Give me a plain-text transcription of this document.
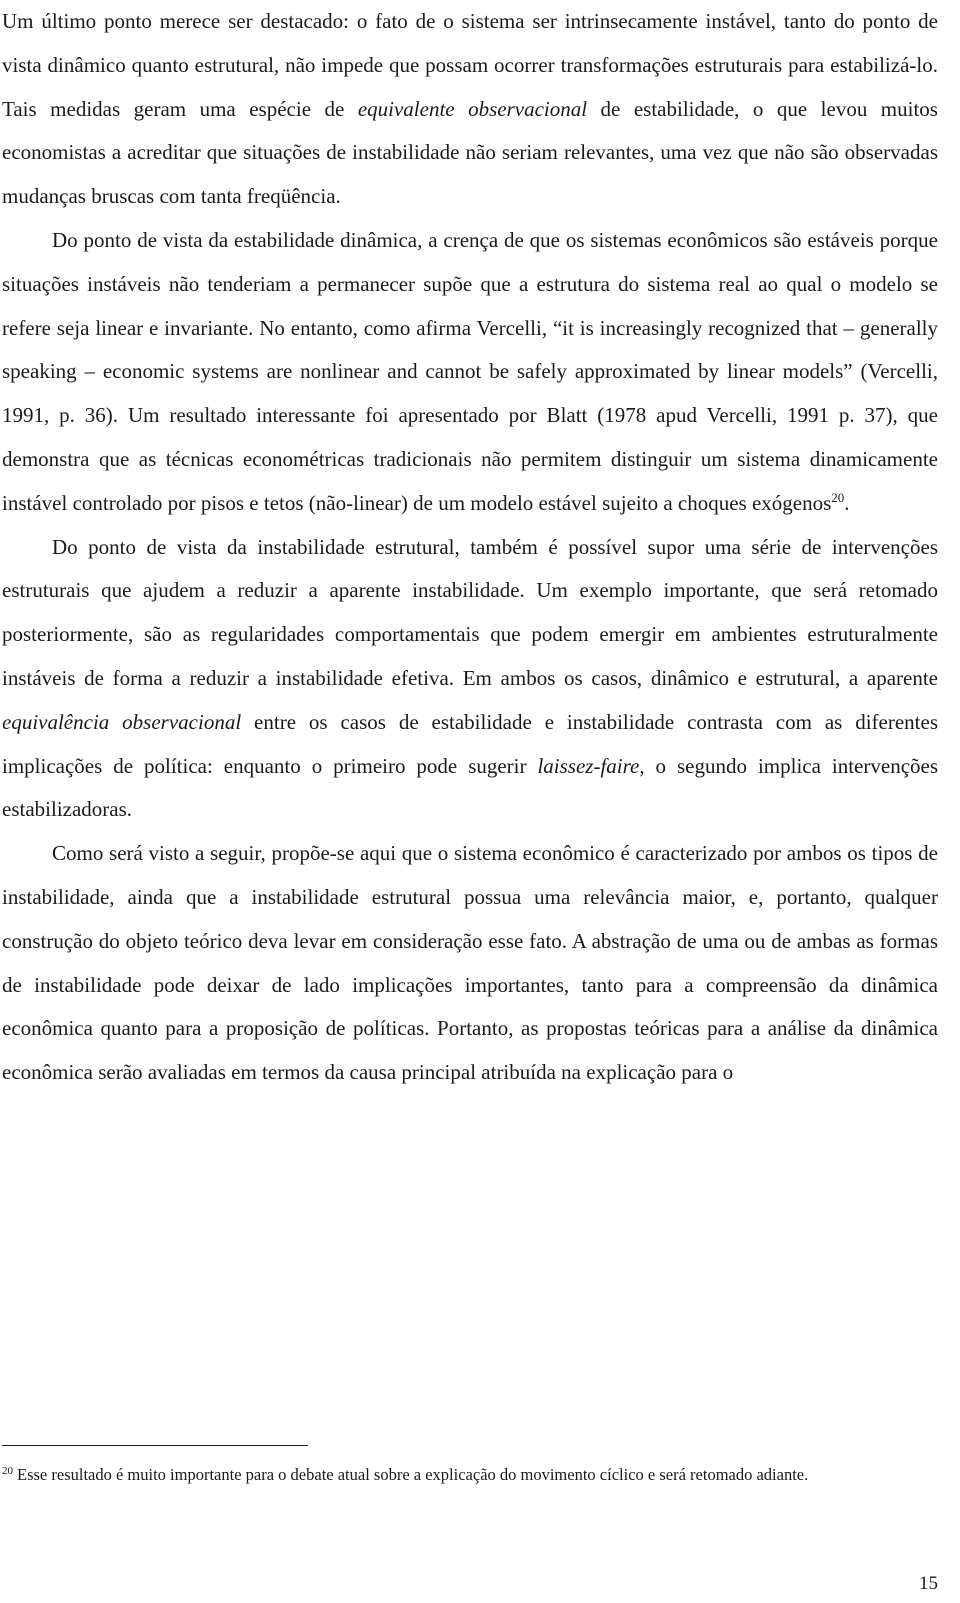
Um último ponto merece ser destacado: o fato de o sistema ser intrinsecamente instável, tanto do ponto de vista dinâmico quanto estrutural, não impede que possam ocorrer transformações estruturais para estabilizá-lo. Tais medidas geram uma espécie de equivalente observacional de estabilidade, o que levou muitos economistas a acreditar que situações de instabilidade não seriam relevantes, uma vez que não são observadas mudanças bruscas com tanta freqüência.

Do ponto de vista da estabilidade dinâmica, a crença de que os sistemas econômicos são estáveis porque situações instáveis não tenderiam a permanecer supõe que a estrutura do sistema real ao qual o modelo se refere seja linear e invariante. No entanto, como afirma Vercelli, “it is increasingly recognized that – generally speaking – economic systems are nonlinear and cannot be safely approximated by linear models” (Vercelli, 1991, p. 36). Um resultado interessante foi apresentado por Blatt (1978 apud Vercelli, 1991 p. 37), que demonstra que as técnicas econométricas tradicionais não permitem distinguir um sistema dinamicamente instável controlado por pisos e tetos (não-linear) de um modelo estável sujeito a choques exógenos$^{20}$.

Do ponto de vista da instabilidade estrutural, também é possível supor uma série de intervenções estruturais que ajudem a reduzir a aparente instabilidade. Um exemplo importante, que será retomado posteriormente, são as regularidades comportamentais que podem emergir em ambientes estruturalmente instáveis de forma a reduzir a instabilidade efetiva. Em ambos os casos, dinâmico e estrutural, a aparente equivalência observacional entre os casos de estabilidade e instabilidade contrasta com as diferentes implicações de política: enquanto o primeiro pode sugerir laissez-faire, o segundo implica intervenções estabilizadoras.

Como será visto a seguir, propõe-se aqui que o sistema econômico é caracterizado por ambos os tipos de instabilidade, ainda que a instabilidade estrutural possua uma relevância maior, e, portanto, qualquer construção do objeto teórico deva levar em consideração esse fato. A abstração de uma ou de ambas as formas de instabilidade pode deixar de lado implicações importantes, tanto para a compreensão da dinâmica econômica quanto para a proposição de políticas. Portanto, as propostas teóricas para a análise da dinâmica econômica serão avaliadas em termos da causa principal atribuída na explicação para o

$^{20}$ Esse resultado é muito importante para o debate atual sobre a explicação do movimento cíclico e será retomado adiante.

15
